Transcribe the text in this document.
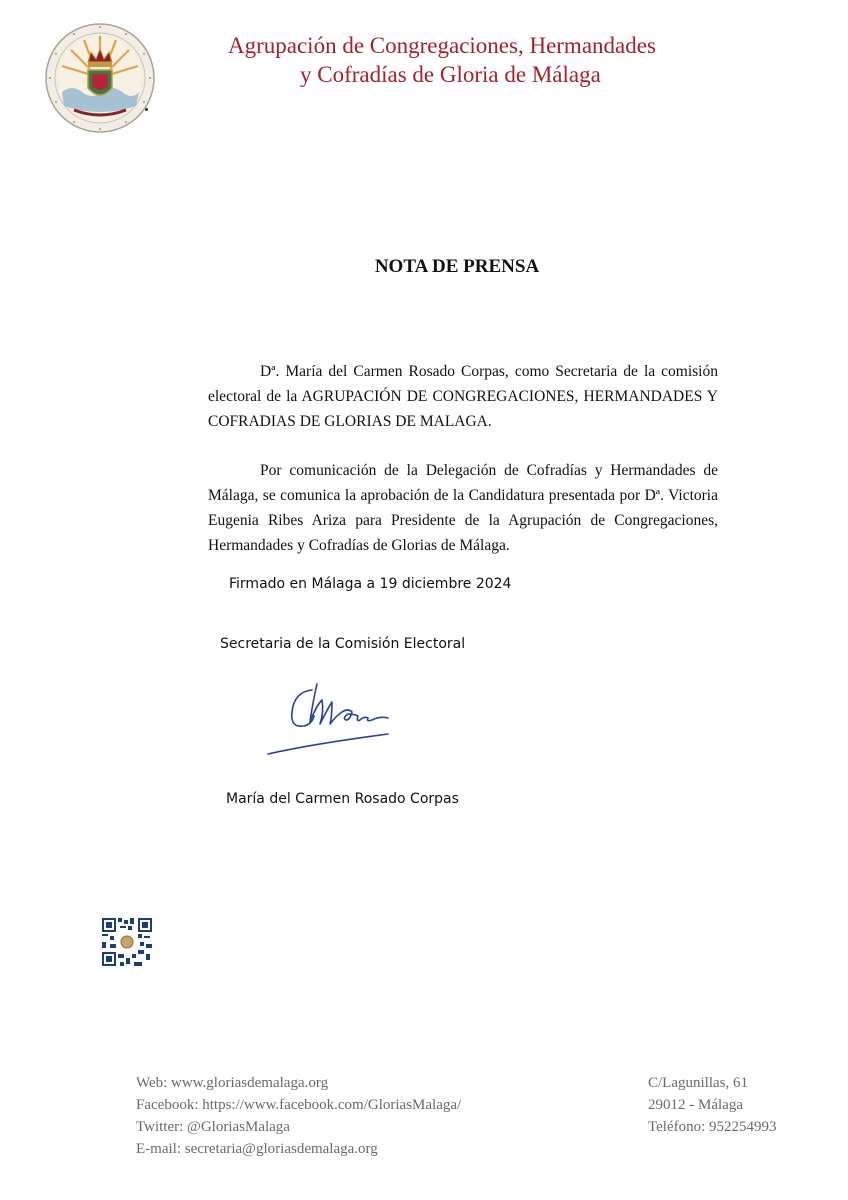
Agrupación de Congregaciones, Hermandades
y Cofradías de Gloria de Málaga
NOTA DE PRENSA
Dª. María del Carmen Rosado Corpas, como Secretaria de la comisión electoral de la AGRUPACIÓN DE CONGREGACIONES, HERMANDADES Y COFRADIAS DE GLORIAS DE MALAGA.
Por comunicación de la Delegación de Cofradías y Hermandades de Málaga, se comunica la aprobación de la Candidatura presentada por Dª. Victoria Eugenia Ribes Ariza para Presidente de la Agrupación de Congregaciones, Hermandades y Cofradías de Glorias de Málaga.
Firmado en Málaga a 19 diciembre 2024
Secretaria de la Comisión Electoral
María del Carmen Rosado Corpas
Web: www.gloriasdemalaga.org
Facebook: https://www.facebook.com/GloriasMalaga/
Twitter: @GloriasMalaga
E-mail: secretaria@gloriasdemalaga.org
C/Lagunillas, 61
29012 - Málaga
Teléfono: 952254993
